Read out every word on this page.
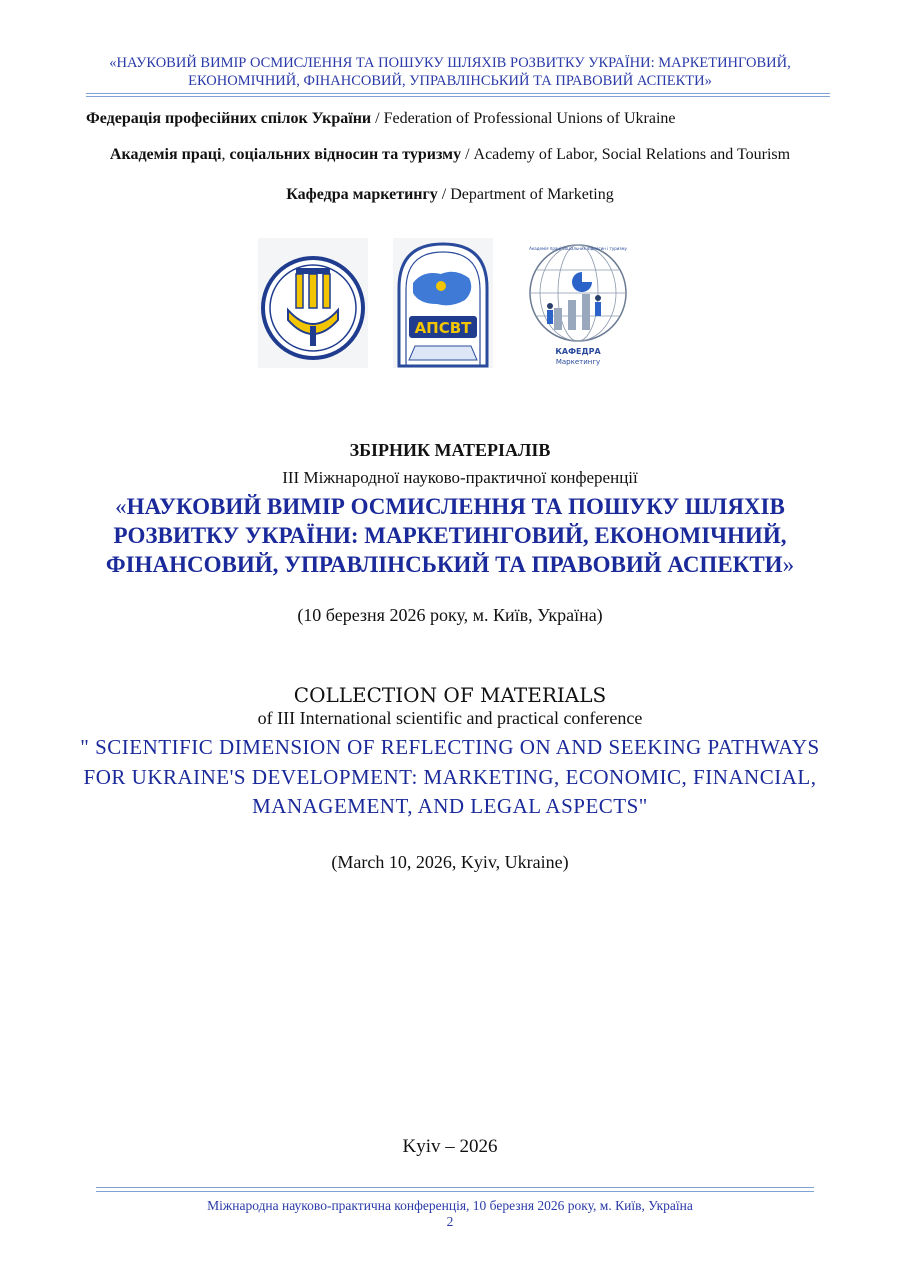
«НАУКОВИЙ ВИМІР ОСМИСЛЕННЯ ТА ПОШУКУ ШЛЯХІВ РОЗВИТКУ УКРАЇНИ: МАРКЕТИНГОВИЙ,
ЕКОНОМІЧНИЙ, ФІНАНСОВИЙ, УПРАВЛІНСЬКИЙ ТА ПРАВОВИЙ АСПЕКТИ»
Федерація професійних спілок України / Federation of Professional Unions of Ukraine
Академія праці, соціальних відносин та туризму / Academy of Labor, Social Relations and Tourism
Кафедра маркетингу / Department of Marketing
АПСВТ
Академія праці соціальних відносин і туризму
КАФЕДРА
Маркетингу
ЗБІРНИК МАТЕРІАЛІВ
ІІІ Міжнародної науково-практичної конференції
«НАУКОВИЙ ВИМІР ОСМИСЛЕННЯ ТА ПОШУКУ ШЛЯХІВ РОЗВИТКУ УКРАЇНИ: МАРКЕТИНГОВИЙ, ЕКОНОМІЧНИЙ, ФІНАНСОВИЙ, УПРАВЛІНСЬКИЙ ТА ПРАВОВИЙ АСПЕКТИ»
(10 березня 2026 року, м. Київ, Україна)
COLLECTION OF MATERIALS
of III International scientific and practical conference
" SCIENTIFIC DIMENSION OF REFLECTING ON AND SEEKING PATHWAYS FOR UKRAINE'S DEVELOPMENT: MARKETING, ECONOMIC, FINANCIAL, MANAGEMENT, AND LEGAL ASPECTS"
(March 10, 2026, Kyiv, Ukraine)
Kyiv – 2026
Міжнародна науково-практична конференція, 10 березня 2026 року, м. Київ, Україна
2
